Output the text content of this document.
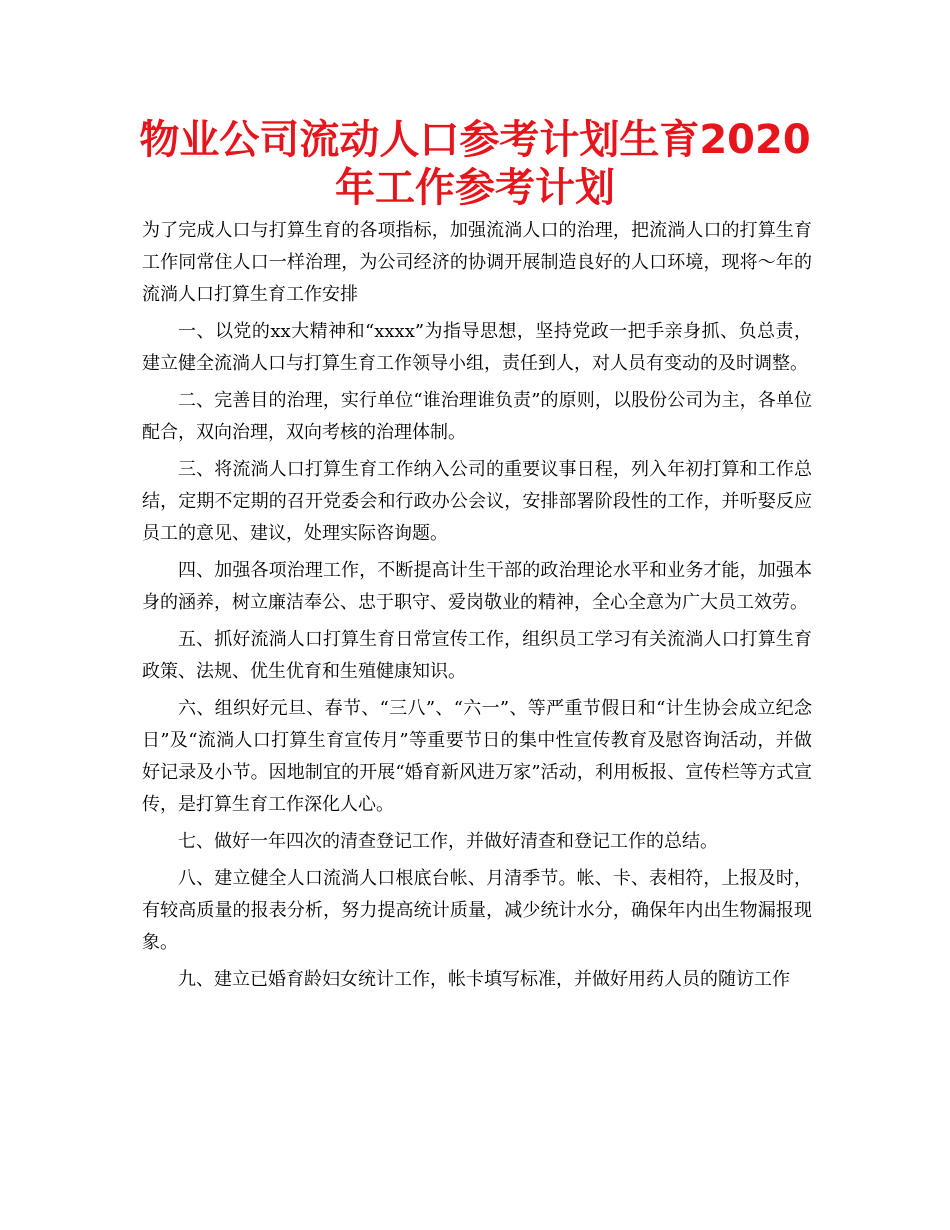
物业公司流动人口参考计划生育2020年工作参考计划

为了完成人口与打算生育的各项指标，加强流淌人口的治理，把流淌人口的打算生育工作同常住人口一样治理，为公司经济的协调开展制造良好的人口环境，现将～年的流淌人口打算生育工作安排

一、以党的xx大精神和“xxxx”为指导思想，坚持党政一把手亲身抓、负总责，建立健全流淌人口与打算生育工作领导小组，责任到人，对人员有变动的及时调整。

二、完善目的治理，实行单位“谁治理谁负责”的原则，以股份公司为主，各单位配合，双向治理，双向考核的治理体制。

三、将流淌人口打算生育工作纳入公司的重要议事日程，列入年初打算和工作总结，定期不定期的召开党委会和行政办公会议，安排部署阶段性的工作，并听娶反应员工的意见、建议，处理实际咨询题。

四、加强各项治理工作，不断提高计生干部的政治理论水平和业务才能，加强本身的涵养，树立廉洁奉公、忠于职守、爱岗敬业的精神，全心全意为广大员工效劳。

五、抓好流淌人口打算生育日常宣传工作，组织员工学习有关流淌人口打算生育政策、法规、优生优育和生殖健康知识。

六、组织好元旦、春节、“三八”、“六一”、等严重节假日和“计生协会成立纪念日”及“流淌人口打算生育宣传月”等重要节日的集中性宣传教育及慰咨询活动，并做好记录及小节。因地制宜的开展“婚育新风进万家”活动，利用板报、宣传栏等方式宣传，是打算生育工作深化人心。

七、做好一年四次的清查登记工作，并做好清查和登记工作的总结。

八、建立健全人口流淌人口根底台帐、月清季节。帐、卡、表相符，上报及时，有较高质量的报表分析，努力提高统计质量，减少统计水分，确保年内出生物漏报现象。

九、建立已婚育龄妇女统计工作，帐卡填写标准，并做好用药人员的随访工作
